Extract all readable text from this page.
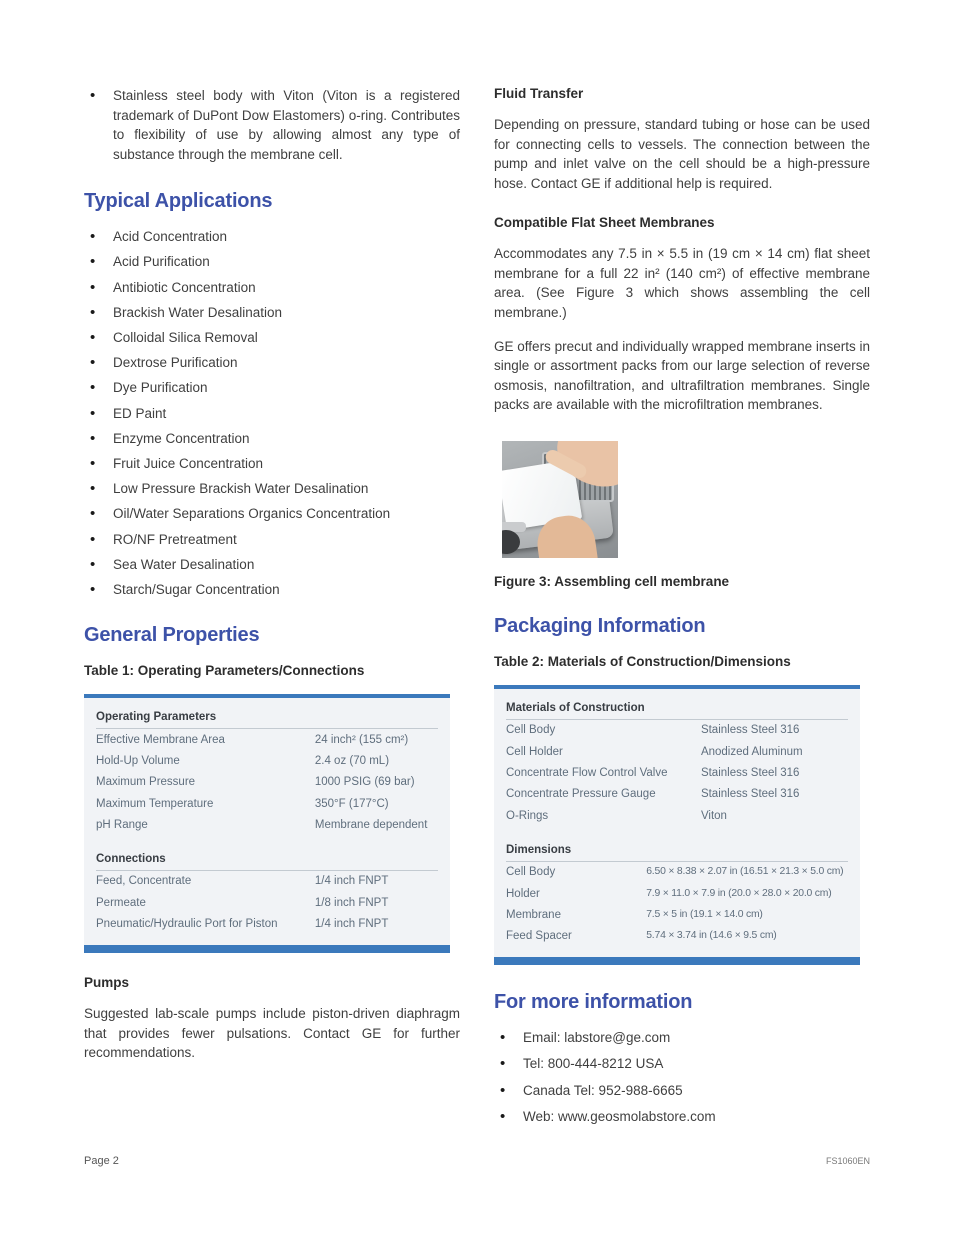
• Stainless steel body with Viton (Viton is a registered trademark of DuPont Dow Elastomers) o-ring. Contributes to flexibility of use by allowing almost any type of substance through the membrane cell.
Typical Applications
• Acid Concentration
• Acid Purification
• Antibiotic Concentration
• Brackish Water Desalination
• Colloidal Silica Removal
• Dextrose Purification
• Dye Purification
• ED Paint
• Enzyme Concentration
• Fruit Juice Concentration
• Low Pressure Brackish Water Desalination
• Oil/Water Separations Organics Concentration
• RO/NF Pretreatment
• Sea Water Desalination
• Starch/Sugar Concentration
General Properties
Table 1: Operating Parameters/Connections
Operating Parameters
Effective Membrane Area	24 inch² (155 cm²)
Hold-Up Volume	2.4 oz (70 mL)
Maximum Pressure	1000 PSIG (69 bar)
Maximum Temperature	350°F (177°C)
pH Range	Membrane dependent
Connections
Feed, Concentrate	1/4 inch FNPT
Permeate	1/8 inch FNPT
Pneumatic/Hydraulic Port for Piston	1/4 inch FNPT
Pumps

Suggested lab-scale pumps include piston-driven diaphragm that provides fewer pulsations. Contact GE for further recommendations.

Fluid Transfer

Depending on pressure, standard tubing or hose can be used for connecting cells to vessels. The connection between the pump and inlet valve on the cell should be a high-pressure hose. Contact GE if additional help is required.

Compatible Flat Sheet Membranes

Accommodates any 7.5 in × 5.5 in (19 cm × 14 cm) flat sheet membrane for a full 22 in² (140 cm²) of effective membrane area. (See Figure 3 which shows assembling the cell membrane.)

GE offers precut and individually wrapped membrane inserts in single or assortment packs from our large selection of reverse osmosis, nanofiltration, and ultrafiltration membranes. Single packs are available with the microfiltration membranes.

Figure 3: Assembling cell membrane
Packaging Information
Table 2: Materials of Construction/Dimensions
Materials of Construction
Cell Body	Stainless Steel 316
Cell Holder	Anodized Aluminum
Concentrate Flow Control Valve	Stainless Steel 316
Concentrate Pressure Gauge	Stainless Steel 316
O-Rings	Viton
Dimensions
Cell Body	6.50 × 8.38 × 2.07 in (16.51 × 21.3 × 5.0 cm)
Holder	7.9 × 11.0 × 7.9 in (20.0 × 28.0 × 20.0 cm)
Membrane	7.5 × 5 in (19.1 × 14.0 cm)
Feed Spacer	5.74 × 3.74 in (14.6 × 9.5 cm)
For more information
• Email: labstore@ge.com
• Tel: 800-444-8212 USA
• Canada Tel: 952-988-6665
• Web: www.geosmolabstore.com
Page 2	FS1060EN
